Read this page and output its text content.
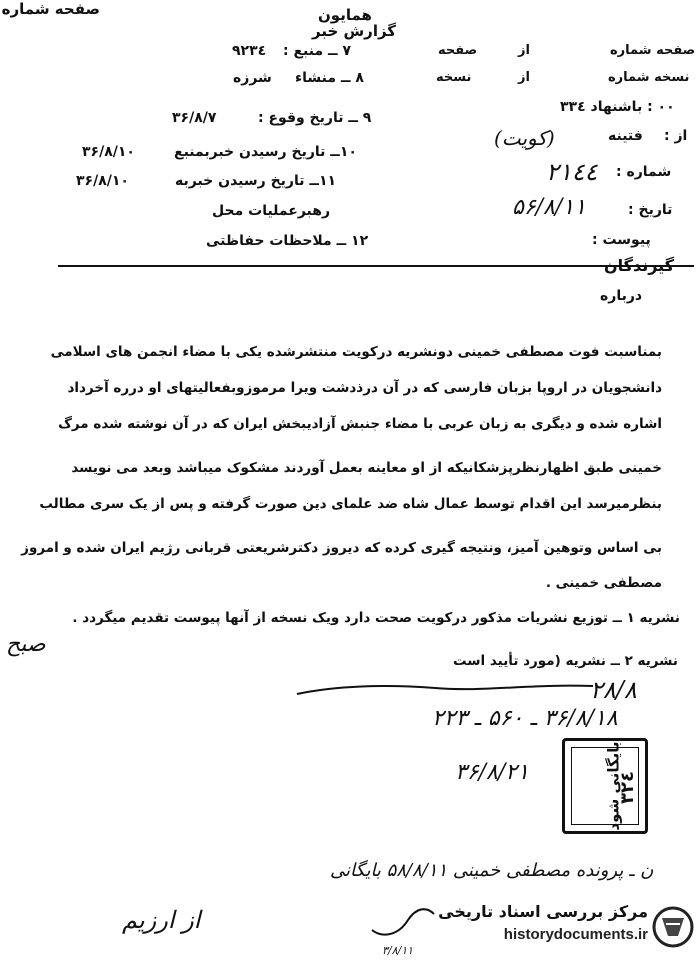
همایون
گزارش خبر
صفحه شماره
صفحه شماره
از
صفحه
نسخه شماره
از
نسخه
۰۰ : باشنهاد ۳۳٤
از :
فتینه
(کویت)
شماره :
۲۱٤٤
تاریخ :
۵۶/۸/۱۱
پیوست :
گیرندگان
۷ ــ منبع :
۹۲۳٤
۸ ــ منشاء
شرزه
۹ ــ تاریخ وقوع :
۳۶/۸/۷
۱۰ــ تاریخ رسیدن خبربمنبع
۳۶/۸/۱۰
۱۱ــ تاریخ رسیدن خبربه
۳۶/۸/۱۰
رهبرعملیات محل
۱۲ ــ ملاحظات حفاظتی
درباره
بمناسبت فوت مصطفی خمینی دونشریه درکویت منتشرشده یکی با مضاء انجمن های اسلامی
دانشجویان در اروپا بزبان فارسی که در آن درذدشت ویرا مرموزوبفعالیتهای او درره آخرداد
اشاره شده و دیگری به زبان عربی با مضاء جنبش آزادیبخش ایران که در آن نوشته شده مرگ
خمینی طبق اظهارنظرپزشکانیکه از او معاینه بعمل آوردند مشکوک میباشد وبعد می نویسد
بنظرمیرسد این اقدام توسط عمال شاه ضد علمای دین صورت گرفته و پس از یک سری مطالب
بی اساس وتوهین آمیز، ونتیجه گیری کرده که دیروز دکترشریعتی قربانی رژیم ایران شده و امروز
مصطفی خمینی .
نشریه ۱ ــ توزیع نشریات مذکور درکویت صحت دارد ویک نسخه از آنها پیوست تقدیم میگردد .
نشریه ۲ ــ نشریه (مورد تأیید است
صبح
۲۸/۸
۳۶/۸/۱۸ ـ ۵۶۰ ـ ۲۲۳
۳۶/۸/۲۱	بایگانی شود
۳۲٤
ن ـ پرونده مصطفی خمینی ۵۸/۸/۱۱ بایگانی
از ارزیم
۳/۸/۱۱
مرکز بررسی اسناد تاریخی
historydocuments.ir
